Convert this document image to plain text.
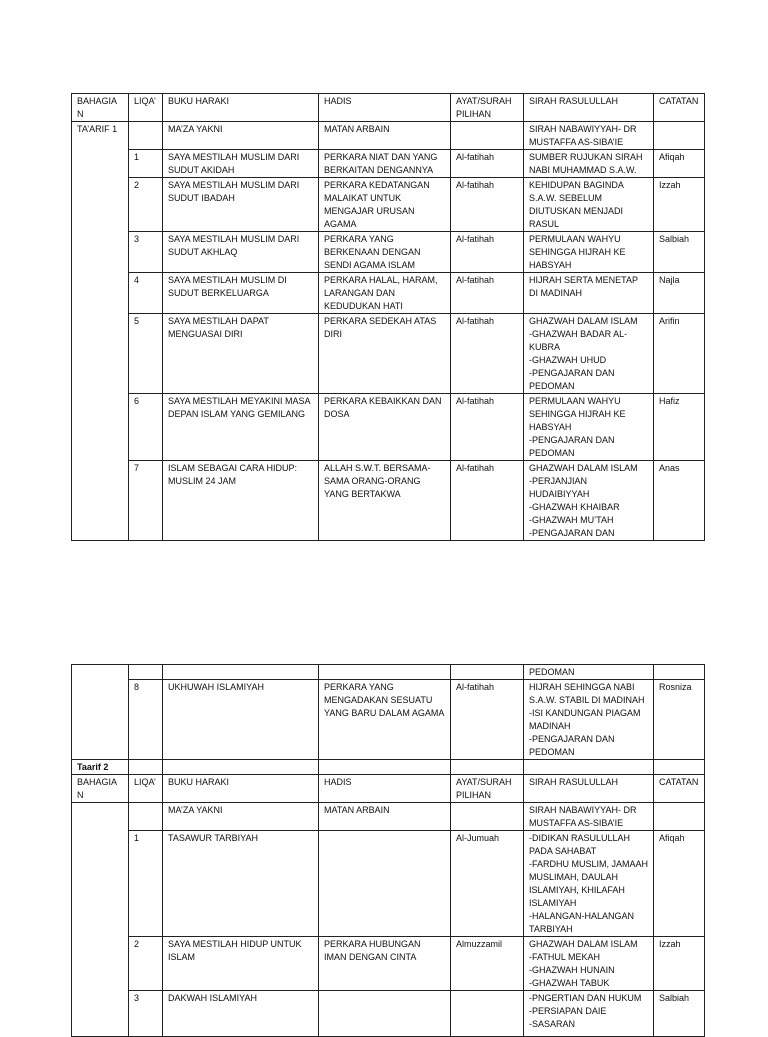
BAHAGIA N	LIQA’	BUKU HARAKI	HADIS	AYAT/SURAH PILIHAN	SIRAH RASULULLAH	CATATAN
TA’ARIF 1		MA’ZA YAKNI	MATAN ARBAIN		SIRAH NABAWIYYAH- DR MUSTAFFA AS-SIBA’IE	
	1	SAYA MESTILAH MUSLIM DARI SUDUT AKIDAH	PERKARA NIAT DAN YANG BERKAITAN DENGANNYA	Al-fatihah	SUMBER RUJUKAN SIRAH NABI MUHAMMAD S.A.W.	Afiqah
	2	SAYA MESTILAH MUSLIM DARI SUDUT IBADAH	PERKARA KEDATANGAN MALAIKAT UNTUK MENGAJAR URUSAN AGAMA	Al-fatihah	KEHIDUPAN BAGINDA S.A.W. SEBELUM DIUTUSKAN MENJADI RASUL	Izzah
	3	SAYA MESTILAH MUSLIM DARI SUDUT AKHLAQ	PERKARA YANG BERKENAAN DENGAN SENDI AGAMA ISLAM	Al-fatihah	PERMULAAN WAHYU SEHINGGA HIJRAH KE HABSYAH	Salbiah
	4	SAYA MESTILAH MUSLIM DI SUDUT BERKELUARGA	PERKARA HALAL, HARAM, LARANGAN DAN KEDUDUKAN HATI	Al-fatihah	HIJRAH SERTA MENETAP DI MADINAH	Najla
	5	SAYA MESTILAH DAPAT MENGUASAI DIRI	PERKARA SEDEKAH ATAS DIRI	Al-fatihah	GHAZWAH DALAM ISLAM
-GHAZWAH BADAR AL-KUBRA
-GHAZWAH UHUD
-PENGAJARAN DAN PEDOMAN	Arifin
	6	SAYA MESTILAH MEYAKINI MASA DEPAN ISLAM YANG GEMILANG	PERKARA KEBAIKKAN DAN DOSA	Al-fatihah	PERMULAAN WAHYU SEHINGGA HIJRAH KE HABSYAH
-PENGAJARAN DAN PEDOMAN	Hafiz
	7	ISLAM SEBAGAI CARA HIDUP: MUSLIM 24 JAM	ALLAH S.W.T. BERSAMA-SAMA ORANG-ORANG YANG BERTAKWA	Al-fatihah	GHAZWAH DALAM ISLAM
-PERJANJIAN HUDAIBIYYAH
-GHAZWAH KHAIBAR
-GHAZWAH MU’TAH
-PENGAJARAN DAN	Anas
					PEDOMAN	
	8	UKHUWAH ISLAMIYAH	PERKARA YANG MENGADAKAN SESUATU YANG BARU DALAM AGAMA	Al-fatihah	HIJRAH SEHINGGA NABI S.A.W. STABIL DI MADINAH
-ISI KANDUNGAN PIAGAM MADINAH
-PENGAJARAN DAN PEDOMAN	Rosniza
Taarif 2						
BAHAGIA N	LIQA’	BUKU HARAKI	HADIS	AYAT/SURAH PILIHAN	SIRAH RASULULLAH	CATATAN
		MA’ZA YAKNI	MATAN ARBAIN		SIRAH NABAWIYYAH- DR MUSTAFFA AS-SIBA’IE	
	1	TASAWUR TARBIYAH		Al-Jumuah	-DIDIKAN RASULULLAH PADA SAHABAT
-FARDHU MUSLIM, JAMAAH MUSLIMAH, DAULAH ISLAMIYAH, KHILAFAH ISLAMIYAH
-HALANGAN-HALANGAN TARBIYAH	Afiqah
	2	SAYA MESTILAH HIDUP UNTUK ISLAM	PERKARA HUBUNGAN IMAN DENGAN CINTA	Almuzzamil	GHAZWAH DALAM ISLAM
-FATHUL MEKAH
-GHAZWAH HUNAIN
-GHAZWAH TABUK	Izzah
	3	DAKWAH ISLAMIYAH			-PNGERTIAN DAN HUKUM
-PERSIAPAN DAIE
-SASARAN	Salbiah
